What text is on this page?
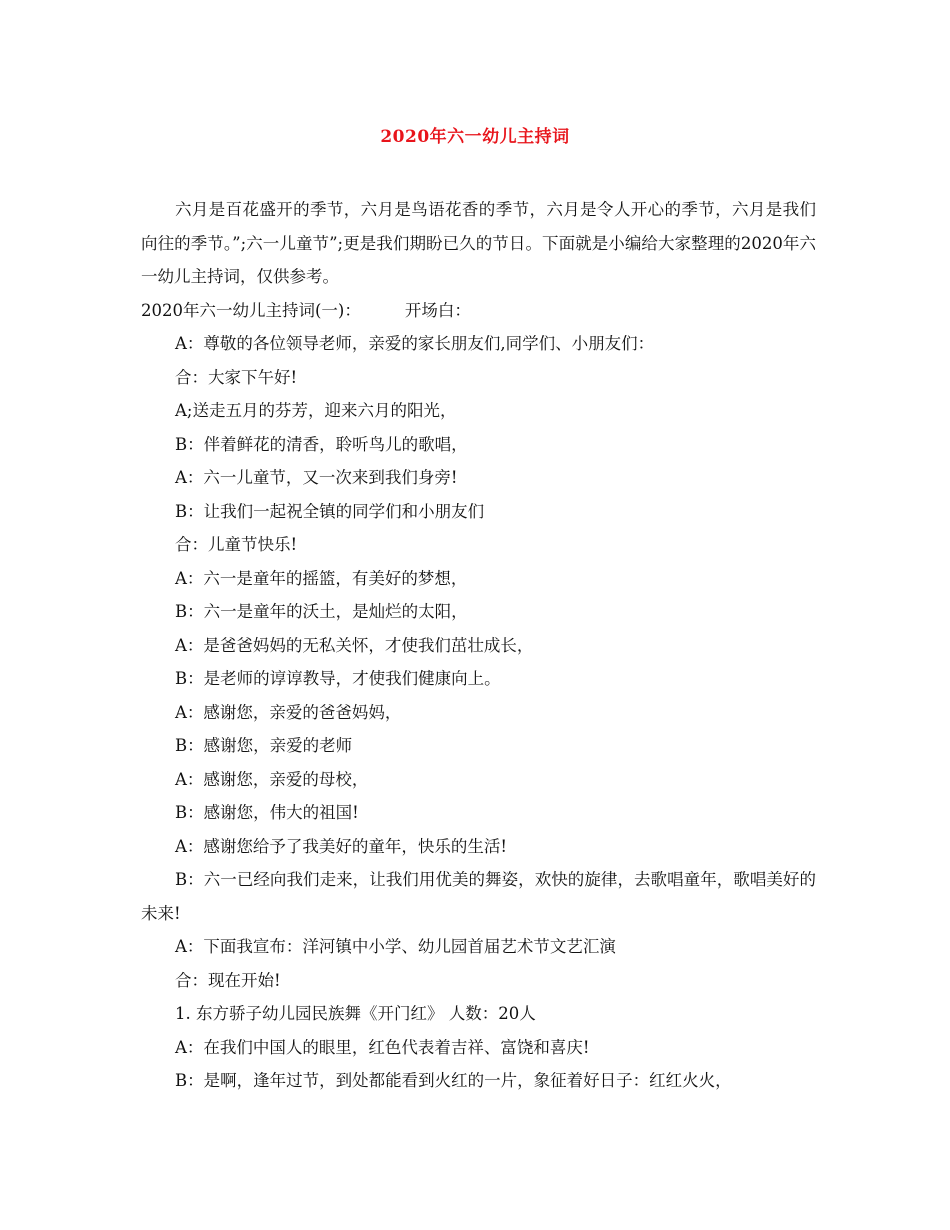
2020年六一幼儿主持词

六月是百花盛开的季节，六月是鸟语花香的季节，六月是令人开心的季节，六月是我们向往的季节。”;六一儿童节”;更是我们期盼已久的节日。下面就是小编给大家整理的2020年六一幼儿主持词，仅供参考。

2020年六一幼儿主持词(一)：	开场白：

A：尊敬的各位领导老师，亲爱的家长朋友们,同学们、小朋友们：

合：大家下午好!

A;送走五月的芬芳，迎来六月的阳光，

B：伴着鲜花的清香，聆听鸟儿的歌唱，

A：六一儿童节，又一次来到我们身旁!

B：让我们一起祝全镇的同学们和小朋友们

合：儿童节快乐!

A：六一是童年的摇篮，有美好的梦想，

B：六一是童年的沃土，是灿烂的太阳，

A：是爸爸妈妈的无私关怀，才使我们茁壮成长，

B：是老师的谆谆教导，才使我们健康向上。

A：感谢您，亲爱的爸爸妈妈，

B：感谢您，亲爱的老师

A：感谢您，亲爱的母校，

B：感谢您，伟大的祖国!

A：感谢您给予了我美好的童年，快乐的生活!

B：六一已经向我们走来，让我们用优美的舞姿，欢快的旋律，去歌唱童年，歌唱美好的未来!

A：下面我宣布：洋河镇中小学、幼儿园首届艺术节文艺汇演

合：现在开始!

1. 东方骄子幼儿园民族舞《开门红》 人数：20人

A：在我们中国人的眼里，红色代表着吉祥、富饶和喜庆!

B：是啊，逢年过节，到处都能看到火红的一片，象征着好日子：红红火火，
